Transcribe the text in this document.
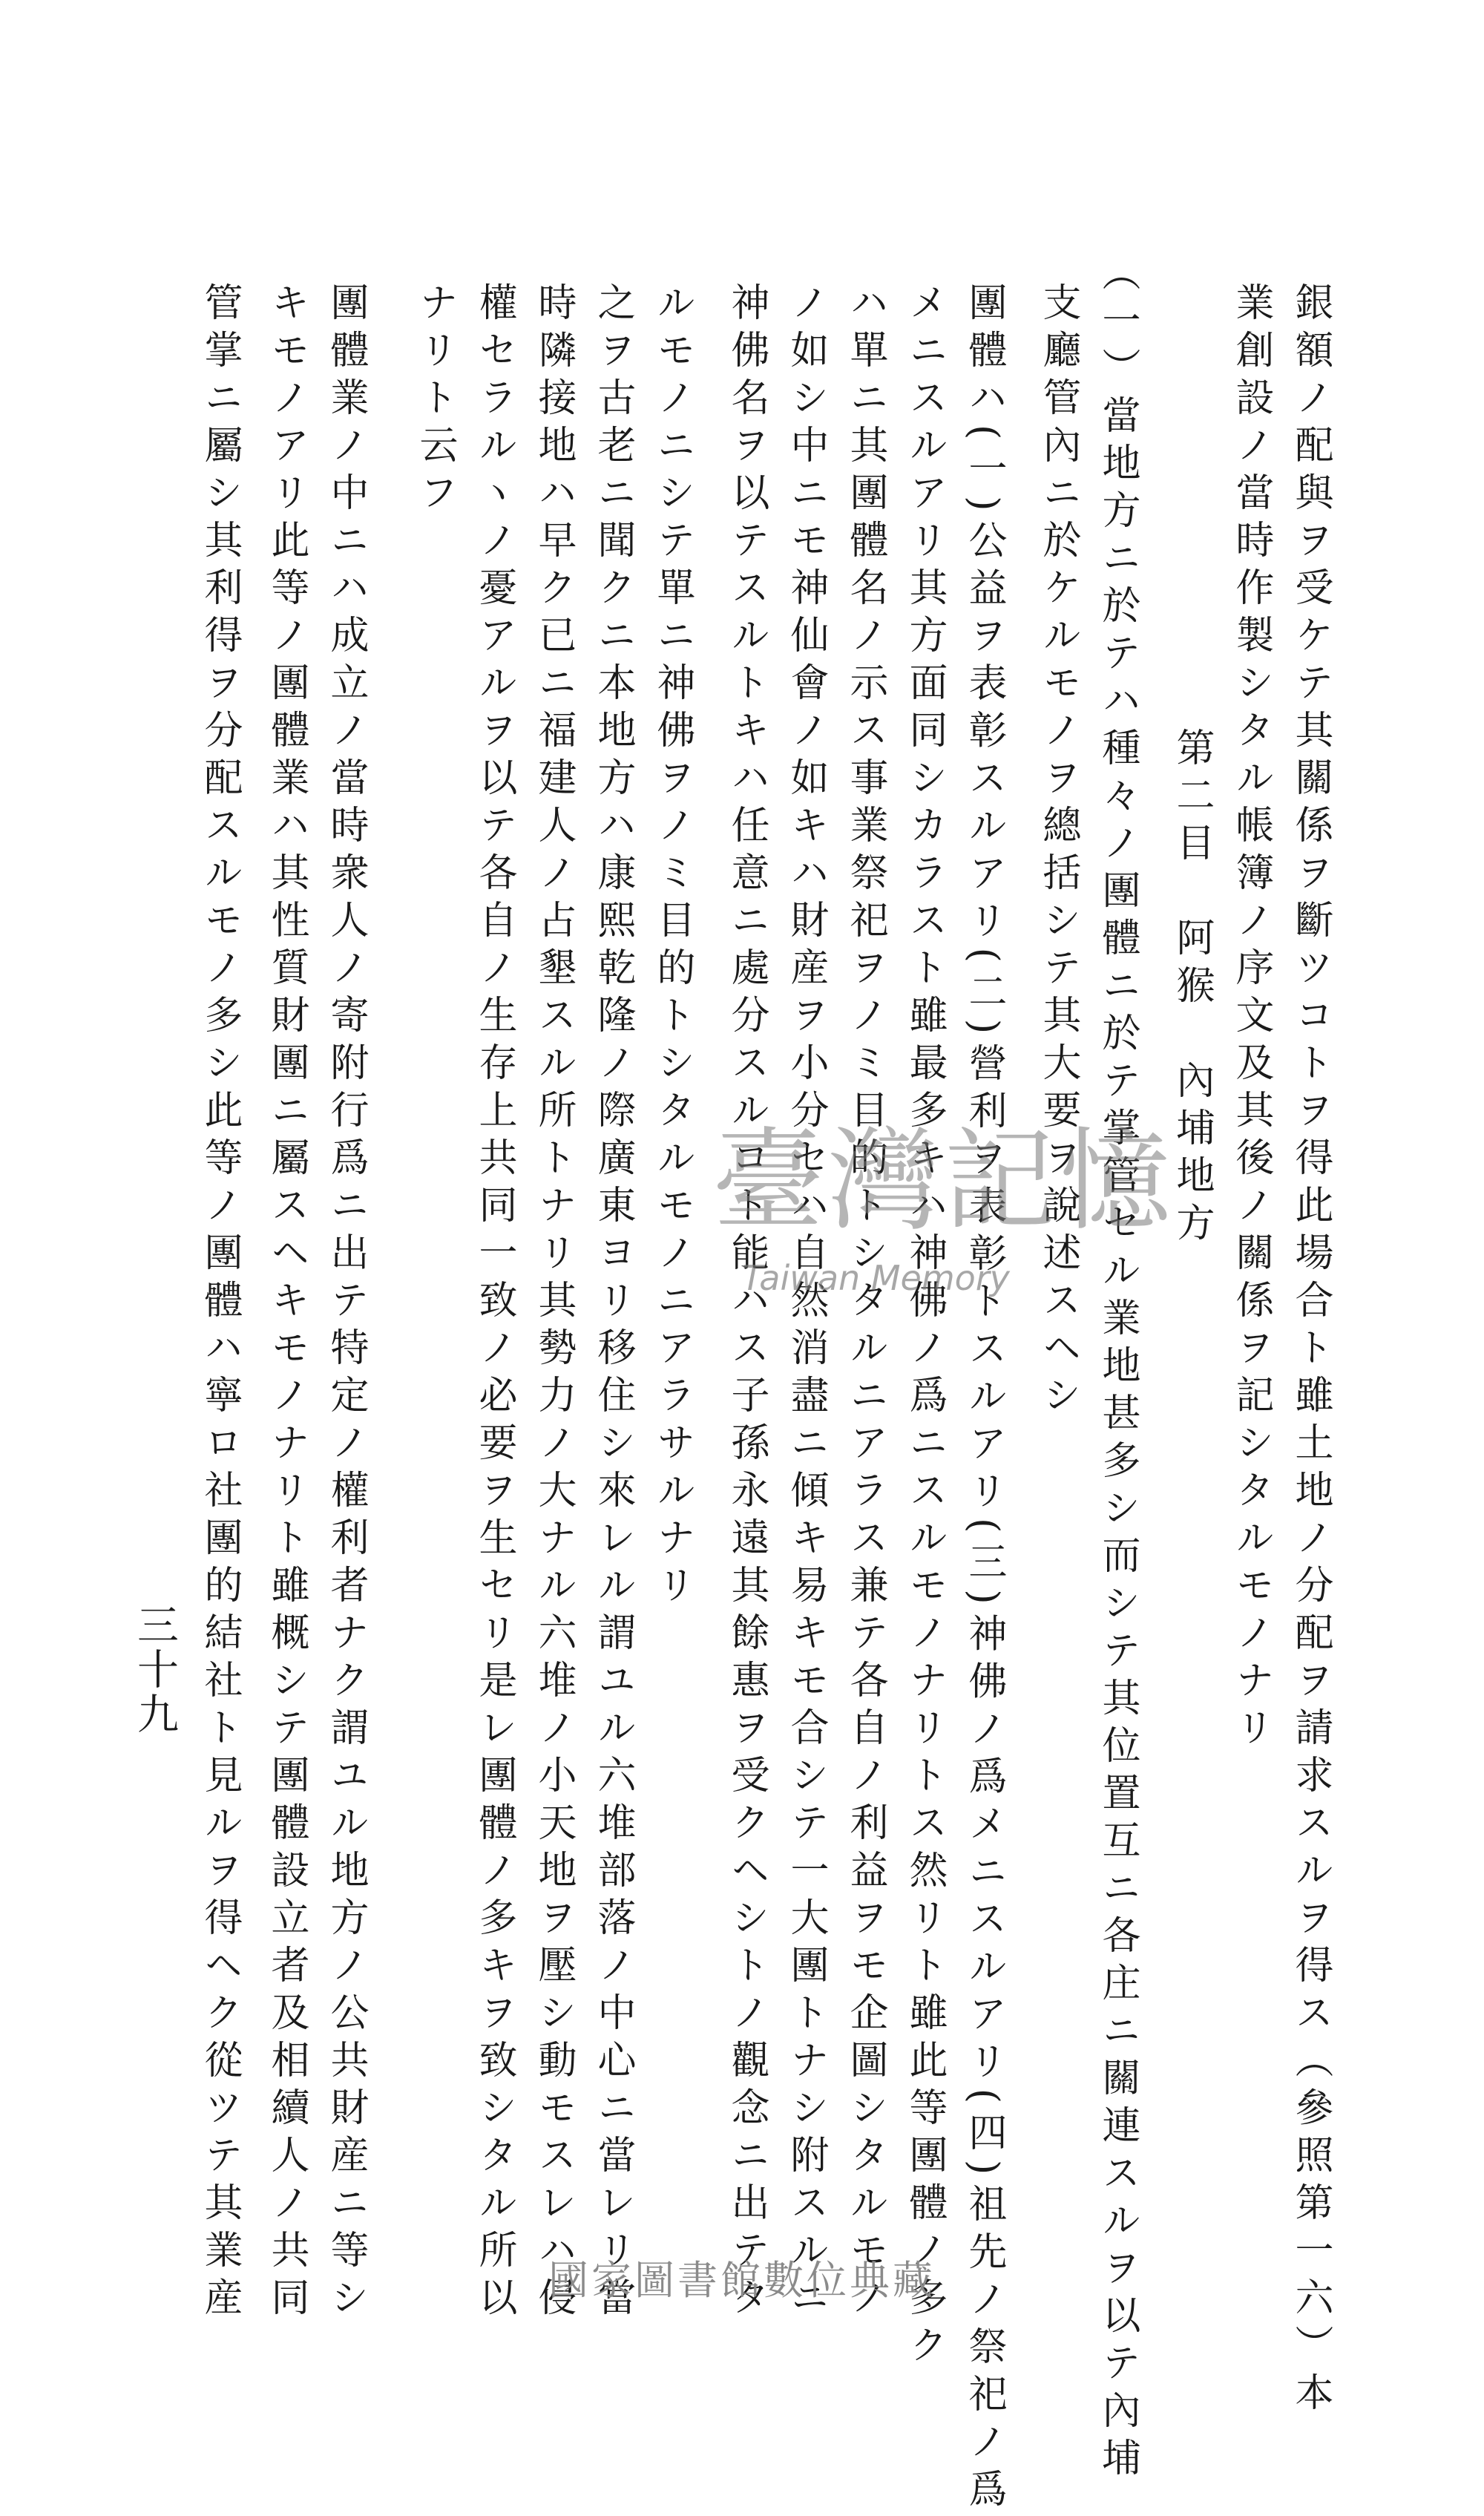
銀額ノ配與ヲ受ケテ其關係ヲ斷ツコトヲ得此場合ト雖土地ノ分配ヲ請求スルヲ得ス（參照第一六）本
業創設ノ當時作製シタル帳簿ノ序文及其後ノ關係ヲ記シタルモノナリ
第二目　阿猴　內埔地方
（一）當地方ニ於テハ種々ノ團體ニ於テ掌管セル業地甚多シ而シテ其位置互ニ各庄ニ關連スルヲ以テ內埔
支廳管內ニ於ケルモノヲ總括シテ其大要ヲ說述スヘシ
團體ハ(一)公益ヲ表彰スルアリ(二)營利ヲ表彰トスルアリ(三)神佛ノ爲メニスルアリ(四)祖先ノ祭祀ノ爲
メニスルアリ其方面同シカラスト雖最多キハ神佛ノ爲ニスルモノナリトス然リト雖此等團體ノ多ク
ハ單ニ其團體名ノ示ス事業祭祀ヲノミ目的トシタルニアラス兼テ各自ノ利益ヲモ企圖シタルモノ
ノ如シ中ニモ神仙會ノ如キハ財産ヲ小分セハ自然消盡ニ傾キ易キモ合シテ一大團トナシ附スルニ
神佛名ヲ以テスルトキハ任意ニ處分スルコト能ハス子孫永遠其餘惠ヲ受クヘシトノ觀念ニ出テタ
ルモノニシテ單ニ神佛ヲノミ目的トシタルモノニアラサルナリ
之ヲ古老ニ聞クニ本地方ハ康熙乾隆ノ際廣東ヨリ移住シ來レル謂ユル六堆部落ノ中心ニ當レリ當
時隣接地ハ早ク已ニ福建人ノ占墾スル所トナリ其勢力ノ大ナル六堆ノ小天地ヲ壓シ動モスレハ侵
權セラルヽノ憂アルヲ以テ各自ノ生存上共同一致ノ必要ヲ生セリ是レ團體ノ多キヲ致シタル所以
ナリト云フ
團體業ノ中ニハ成立ノ當時衆人ノ寄附行爲ニ出テ特定ノ權利者ナク謂ユル地方ノ公共財産ニ等シ
キモノアリ此等ノ團體業ハ其性質財團ニ屬スヘキモノナリト雖概シテ團體設立者及相續人ノ共同
管掌ニ屬シ其利得ヲ分配スルモノ多シ此等ノ團體ハ寧ロ社團的結社ト見ルヲ得ヘク從ツテ其業産
三十九
臺灣記憶
Taiwan Memory
國家圖書館數位典藏
